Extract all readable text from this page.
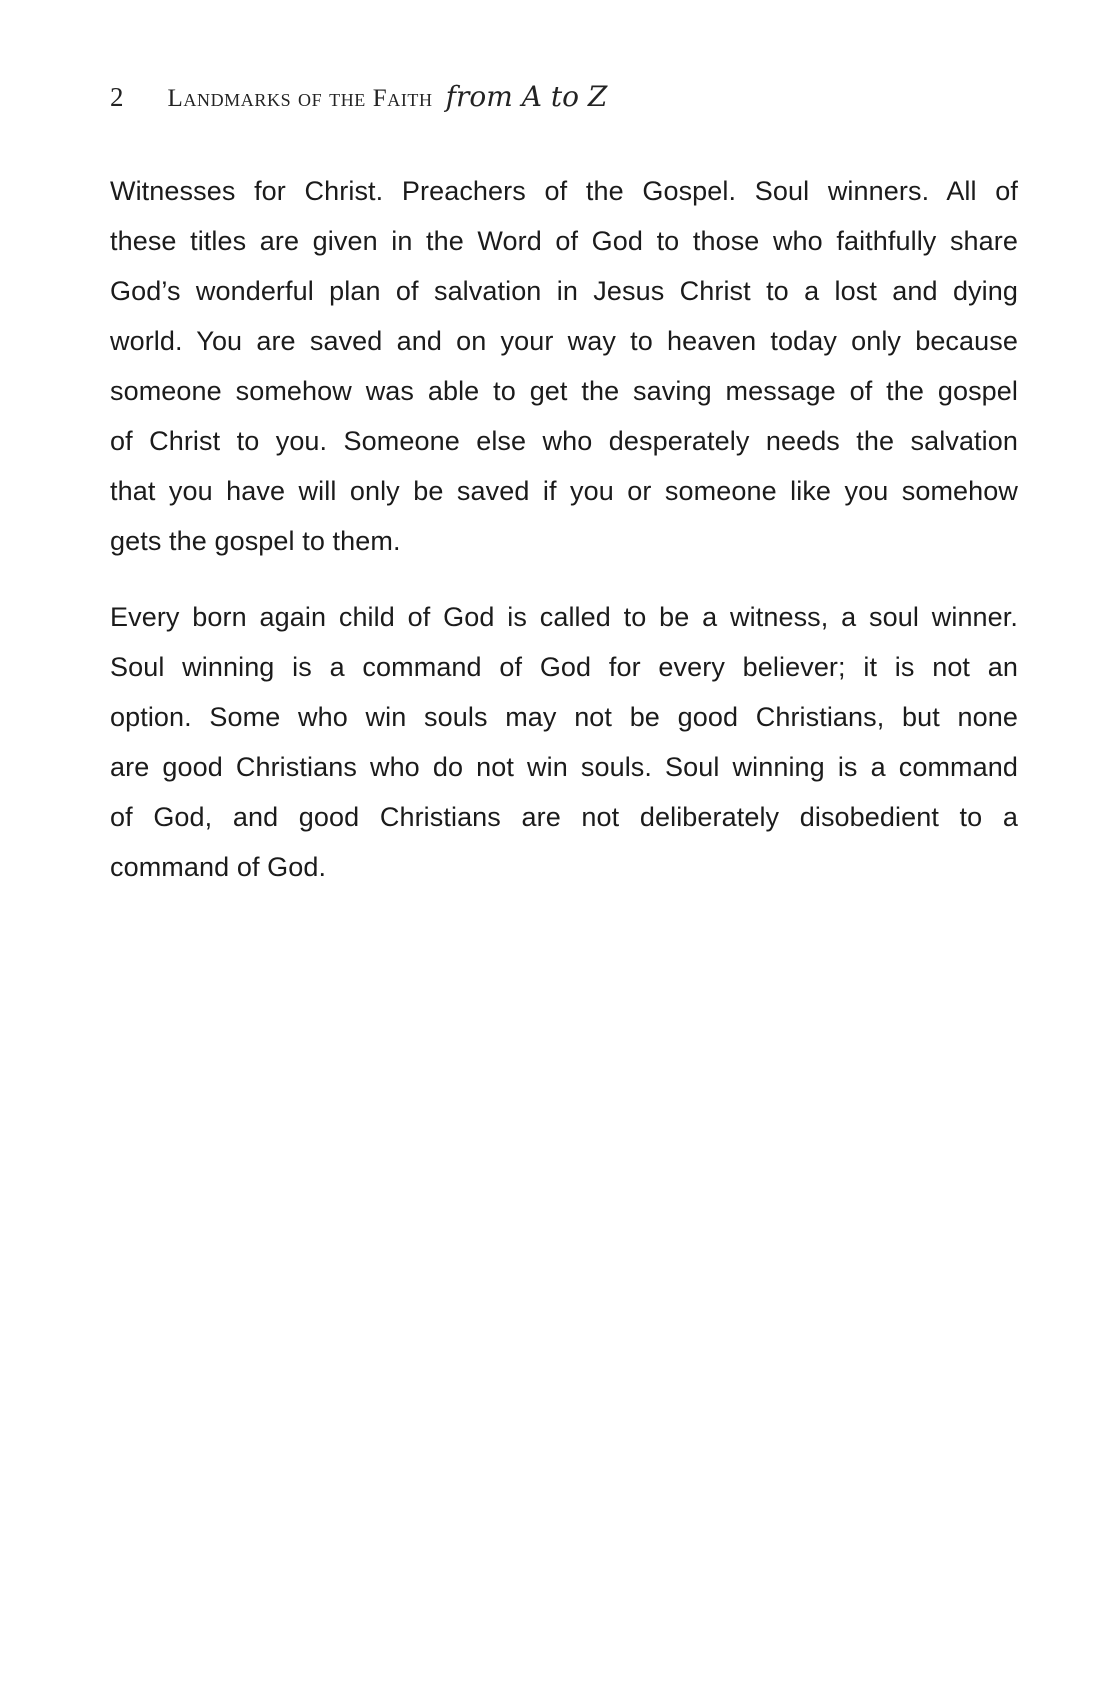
2 Landmarks of the Faith from A to Z

Witnesses for Christ. Preachers of the Gospel. Soul winners. All of
these titles are given in the Word of God to those who faithfully share
God’s wonderful plan of salvation in Jesus Christ to a lost and dying
world. You are saved and on your way to heaven today only because
someone somehow was able to get the saving message of the gospel
of Christ to you. Someone else who desperately needs the salvation
that you have will only be saved if you or someone like you somehow
gets the gospel to them.

Every born again child of God is called to be a witness, a soul winner.
Soul winning is a command of God for every believer; it is not an
option. Some who win souls may not be good Christians, but none
are good Christians who do not win souls. Soul winning is a command
of God, and good Christians are not deliberately disobedient to a
command of God.
